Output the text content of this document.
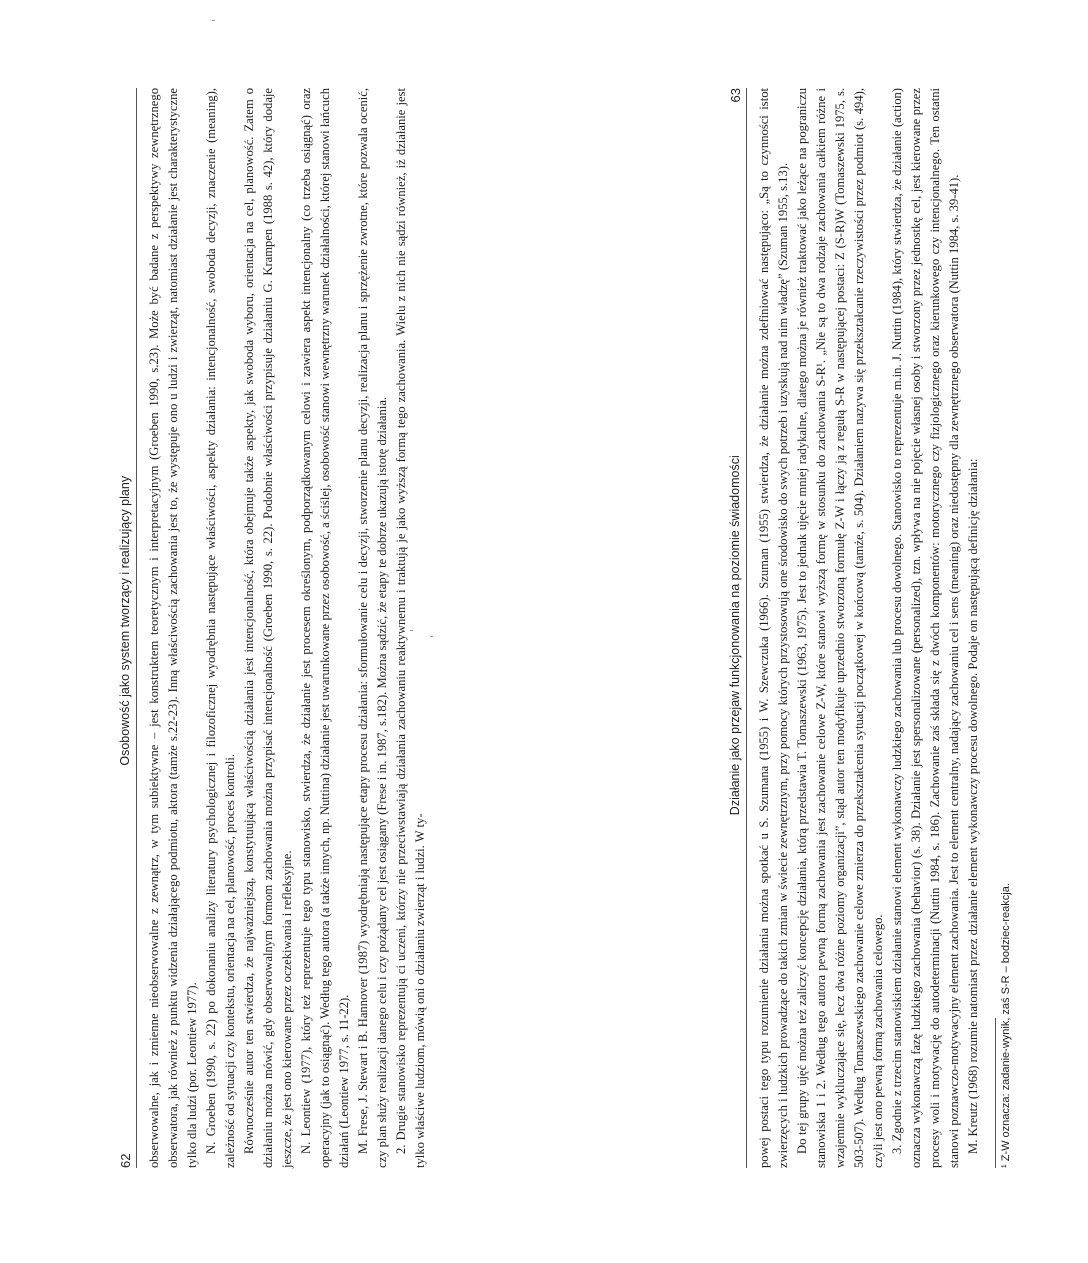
62
Osobowość jako system tworzący i realizujący plany obserwowalne, jak i zmienne nieobserwowalne z zewnątrz, w tym subiektywne – jest konstruktem teoretycznym i interpretacyjnym (Groeben 1990, s.23). Może być badane z perspektywy zewnętrznego obserwatora, jak również z punktu widzenia działającego podmiotu, aktora (tamże s.22-23). Inną właściwością zachowania jest to, że występuje ono u ludzi i zwierząt, natomiast działanie jest charakterystyczne tylko dla ludzi (por. Leontiew 1977). N. Groeben (1990, s. 22) po dokonaniu analizy literatury psychologicznej i filozoficznej wyodrębnia następujące właściwości, aspekty działania: intencjonalność, swoboda decyzji, znaczenie (meaning), zależność od sytuacji czy kontekstu, orientacja na cel, planowość, proces kontroli. Równocześnie autor ten stwierdza, że najważniejszą, konstytuującą właściwością działania jest intencjonalność, która obejmuje także aspekty, jak swoboda wyboru, orientacja na cel, planowość. Zatem o działaniu można mówić, gdy obserwowalnym formom zachowania można przypisać intencjonalność (Groeben 1990, s. 22). Podobnie właściwości przypisuje działaniu G. Krampen (1988 s. 42), który dodaje jeszcze, że jest ono kierowane przez oczekiwania i refleksyjne. N. Leontiew (1977), który też reprezentuje tego typu stanowisko, stwierdza, że działanie jest procesem określonym, podporządkowanym celowi i zawiera aspekt intencjonalny (co trzeba osiągnąć) oraz operacyjny (jak to osiągnąć). Według tego autora (a także innych, np. Nuttina) działanie jest uwarunkowane przez osobowość, a ściślej, osobowość stanowi wewnętrzny warunek działalności, której stanowi łańcuch działań (Leontiew 1977, s. 11-22). M. Frese, J. Stewart i B. Hannover (1987) wyodrębniają następujące etapy procesu działania: sformułowanie celu i decyzji, stworzenie planu decyzji, realizacja planu i sprzężenie zwrotne, które pozwala ocenić, czy plan służy realizacji danego celu i czy pożądany cel jest osiągany (Frese i in. 1987, s.182). Można sądzić, że etapy te dobrze ukazują istotę działania. 2. Drugie stanowisko reprezentują ci uczeni, którzy nie przeciwstawiają działania zachowaniu reaktywnemu i traktują je jako wyższą formą tego zachowania. Wielu z nich nie sądzi również, iż działanie jest tylko właściwe ludziom, mówią oni o działaniu zwierząt i ludzi. W ty-

Działanie jako przejaw funkcjonowania na poziomie świadomości
63 powej postaci tego typu rozumienie działania można spotkać u S. Szumana (1955) i W. Szewczuka (1966). Szuman (1955) stwierdza, że działanie można zdefiniować następująco: „Są to czynności istot zwierzęcych i ludzkich prowadzące do takich zmian w świecie zewnętrznym, przy pomocy których przystosowują one środowisko do swych potrzeb i uzyskują nad nim władzę” (Szuman 1955, s.13). Do tej grupy ujęć można też zaliczyć koncepcję działania, którą przedstawia T. Tomaszewski (1963, 1975). Jest to jednak ujęcie mniej radykalne, dlatego można je również traktować jako leżące na pograniczu stanowiska 1 i 2. Według tego autora pewną formą zachowania jest zachowanie celowe Z-W, które stanowi wyższą formę w stosunku do zachowania S-R¹. „Nie są to dwa rodzaje zachowania całkiem różne i wzajemnie wykluczające się, lecz dwa różne poziomy organizacji”, stąd autor ten modyfikuje uprzednio stworzoną formułę Z-W i łączy ją z regułą S-R w następującej postaci: Z (S-R)W (Tomaszewski 1975, s. 503-507). Według Tomaszewskiego zachowanie celowe zmierza do przekształcenia sytuacji początkowej w końcową (tamże, s. 504). Działaniem nazywa się przekształcanie rzeczywistości przez podmiot (s. 494), czyli jest ono pewną formą zachowania celowego. 3. Zgodnie z trzecim stanowiskiem działanie stanowi element wykonawczy ludzkiego zachowania lub procesu dowolnego. Stanowisko to reprezentuje m.in. J. Nuttin (1984), który stwierdza, że działanie (action) oznacza wykonawczą fazę ludzkiego zachowania (behavior) (s. 38). Działanie jest spersonalizowane (personalized), tzn. wpływa na nie pojęcie własnej osoby i stworzony przez jednostkę cel, jest kierowane przez procesy woli i motywację do autodeterminacji (Nuttin 1984, s. 186). Zachowanie zaś składa się z dwóch komponentów: motorycznego czy fizjologicznego oraz kierunkowego czy intencjonalnego. Ten ostatni stanowi poznawczo-motywacyjny element zachowania. Jest to element centralny, nadający zachowaniu cel i sens (meaning) oraz niedostępny dla zewnętrznego obserwatora (Nuttin 1984, s. 39-41). M. Kreutz (1968) rozumie natomiast przez działanie element wykonawczy procesu dowolnego. Podaje on następującą definicję działania: ¹ Z-W oznacza: zadanie-wynik, zaś S-R – bodziec-reakcja.
